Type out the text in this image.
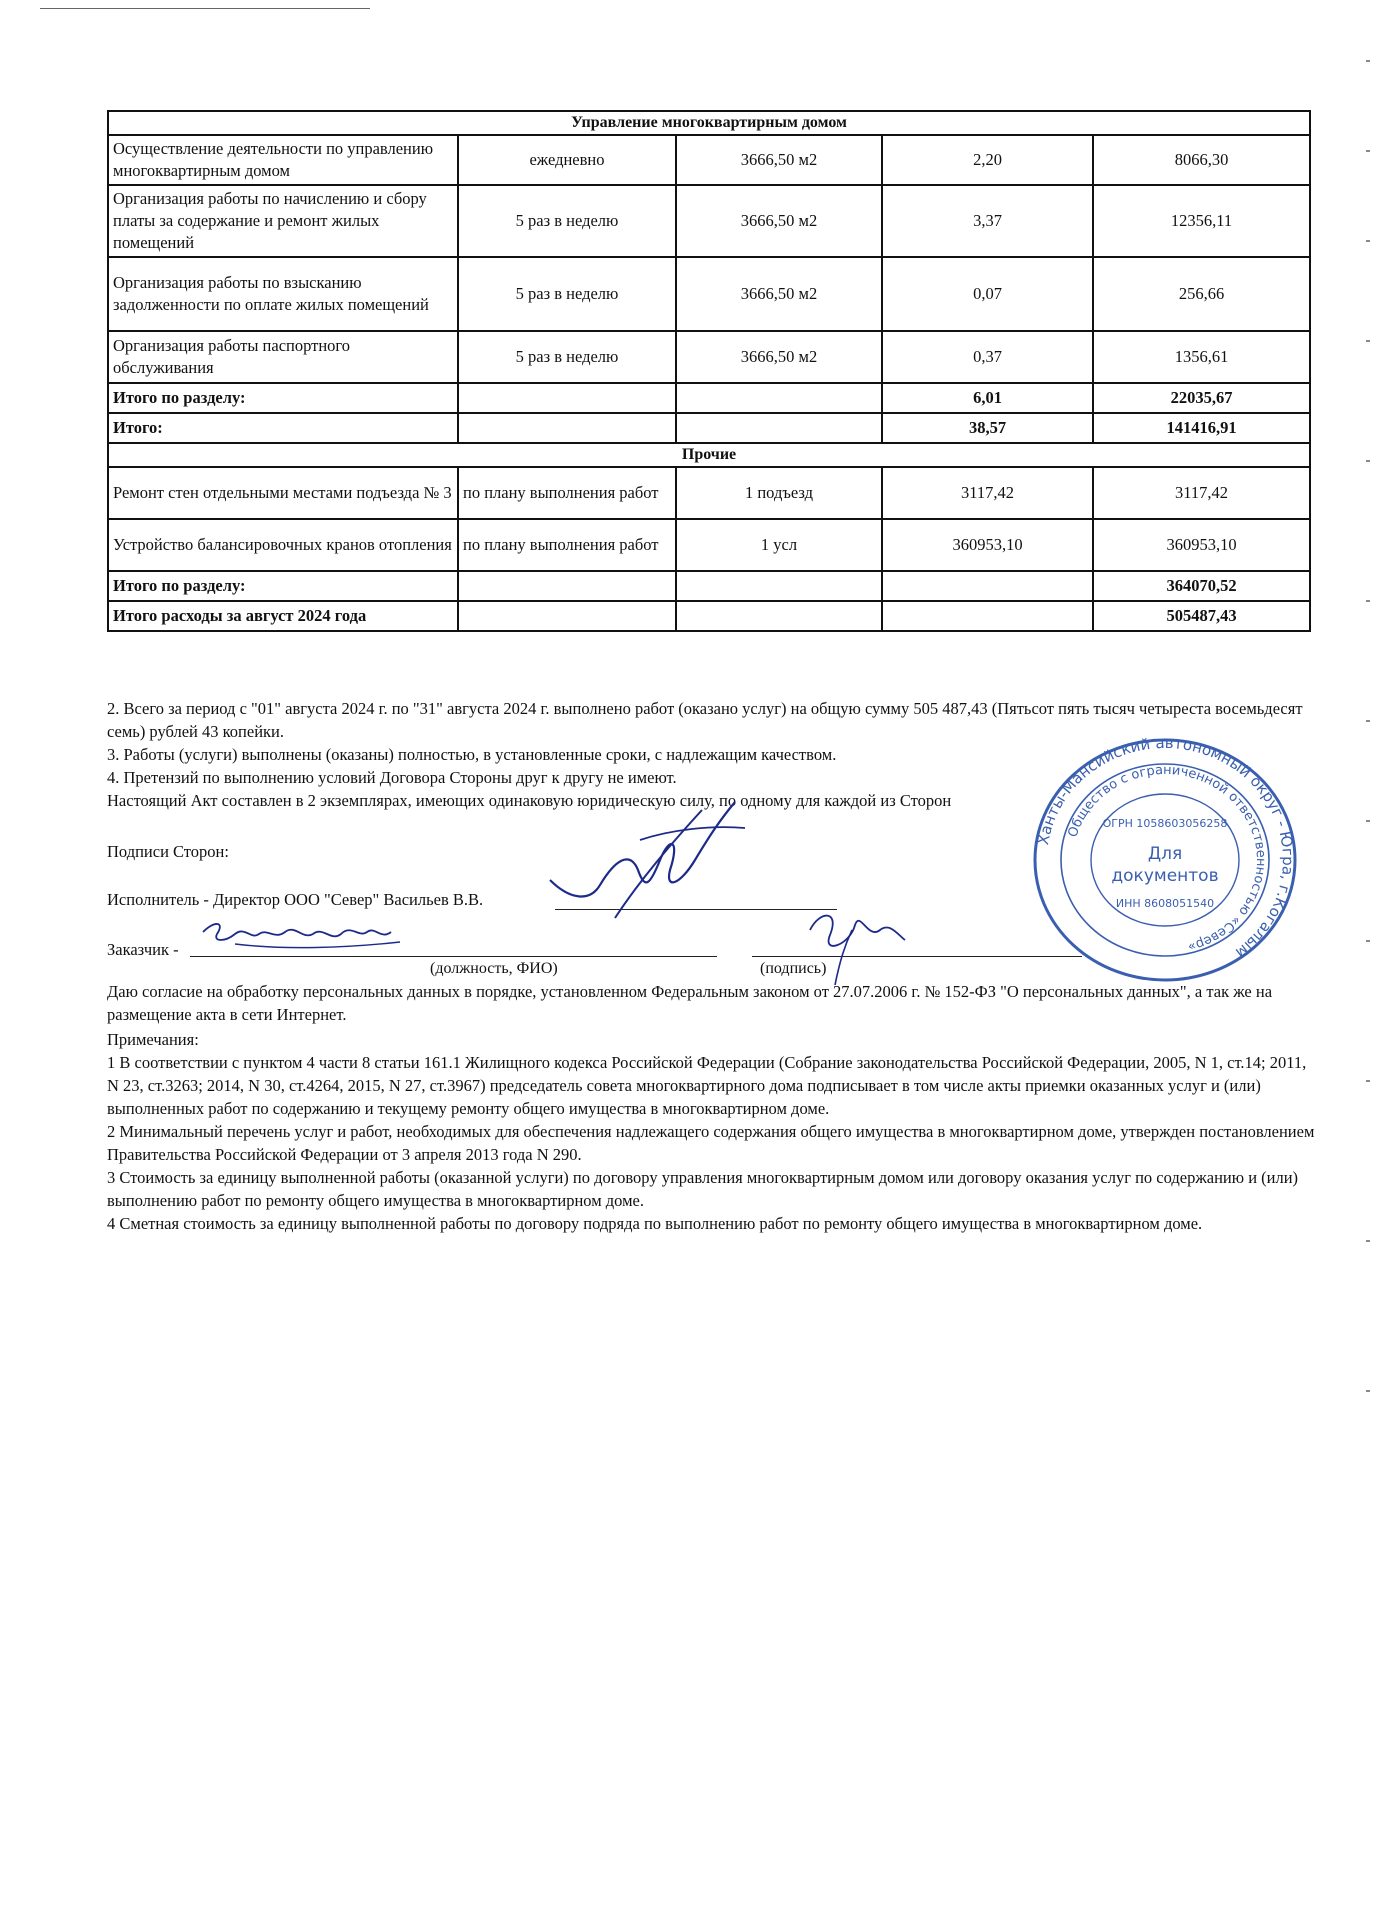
Управление многоквартирным домом				
Осуществление деятельности по управлению многоквартирным домом	ежедневно	3666,50 м2	2,20	8066,30
Организация работы по начислению и сбору платы за содержание и ремонт жилых помещений	5 раз в неделю	3666,50 м2	3,37	12356,11
Организация работы по взысканию задолженности по оплате жилых помещений	5 раз в неделю	3666,50 м2	0,07	256,66
Организация работы паспортного обслуживания	5 раз в неделю	3666,50 м2	0,37	1356,61
Итого по разделу:			6,01	22035,67
Итого:			38,57	141416,91
Прочие				
Ремонт стен отдельными местами подъезда № 3	по плану выполнения работ	1 подъезд	3117,42	3117,42
Устройство балансировочных кранов отопления	по плану выполнения работ	1 усл	360953,10	360953,10
Итого по разделу:				364070,52
Итого расходы за август 2024 года				505487,43

2. Всего за период с "01" августа 2024 г. по "31" августа 2024 г. выполнено работ (оказано услуг) на общую сумму 505 487,43 (Пятьсот пять тысяч четыреста восемьдесят семь) рублей 43 копейки.

3. Работы (услуги) выполнены (оказаны) полностью, в установленные сроки, с надлежащим качеством.

4. Претензий по выполнению условий Договора Стороны друг к другу не имеют.

Настоящий Акт составлен в 2 экземплярах, имеющих одинаковую юридическую силу, по одному для каждой из Сторон

Подписи Сторон:
Исполнитель - Директор ООО "Север" Васильев В.В.
Заказчик -
(должность, ФИО)	(подпись)
Даю согласие на обработку персональных данных в порядке, установленном Федеральным законом от 27.07.2006 г. № 152-ФЗ "О персональных данных", а так же на размещение акта в сети Интернет.

Примечания:

1 В соответствии с пунктом 4 части 8 статьи 161.1 Жилищного кодекса Российской Федерации (Собрание законодательства Российской Федерации, 2005, N 1, ст.14; 2011, N 23, ст.3263; 2014, N 30, ст.4264, 2015, N 27, ст.3967) председатель совета многоквартирного дома подписывает в том числе акты приемки оказанных услуг и (или) выполненных работ по содержанию и текущему ремонту общего имущества в многоквартирном доме.

2 Минимальный перечень услуг и работ, необходимых для обеспечения надлежащего содержания общего имущества в многоквартирном доме, утвержден постановлением Правительства Российской Федерации от 3 апреля 2013 года N 290.

3 Стоимость за единицу выполненной работы (оказанной услуги) по договору управления многоквартирным домом или договору оказания услуг по содержанию и (или) выполнению работ по ремонту общего имущества в многоквартирном доме.

4 Сметная стоимость за единицу выполненной работы по договору подряда по выполнению работ по ремонту общего имущества в многоквартирном доме.

Ханты-Мансийский автономный округ - Югра, г.Когалым
Общество с ограниченной ответственностью «Север»
ОГРН 1058603056258
Для
документов
ИНН 8608051540
